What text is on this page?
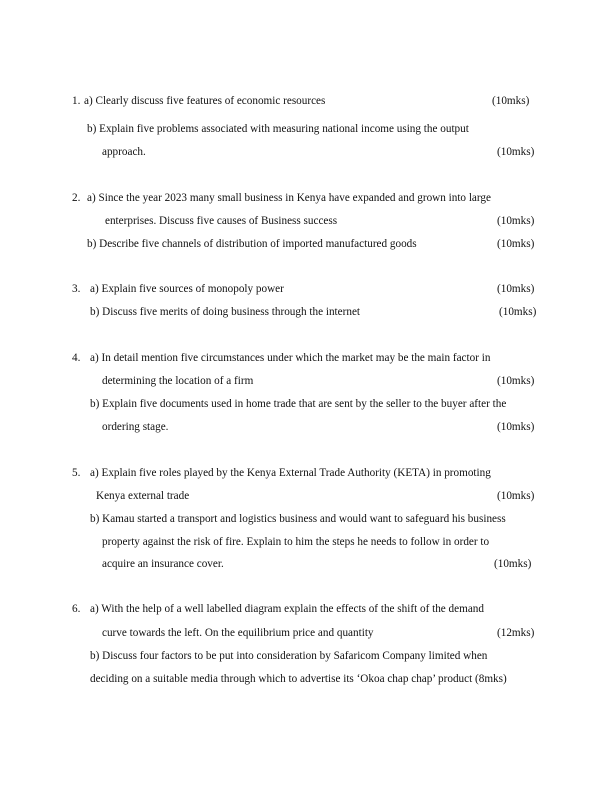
1. a) Clearly discuss five features of economic resources	(10mks)
b) Explain five problems associated with measuring national income using the output
approach.	(10mks)
2. a) Since the year 2023 many small business in Kenya have expanded and grown into large
enterprises. Discuss five causes of Business success	(10mks)
b) Describe five channels of distribution of imported manufactured goods	(10mks)
3. a) Explain five sources of monopoly power	(10mks)
b) Discuss five merits of doing business through the internet	(10mks)
4. a) In detail mention five circumstances under which the market may be the main factor in
determining the location of a firm	(10mks)
b) Explain five documents used in home trade that are sent by the seller to the buyer after the
ordering stage.	(10mks)
5. a) Explain five roles played by the Kenya External Trade Authority (KETA) in promoting
Kenya external trade	(10mks)
b) Kamau started a transport and logistics business and would want to safeguard his business
property against the risk of fire. Explain to him the steps he needs to follow in order to
acquire an insurance cover.	(10mks)
6. a) With the help of a well labelled diagram explain the effects of the shift of the demand
curve towards the left. On the equilibrium price and quantity	(12mks)
b) Discuss four factors to be put into consideration by Safaricom Company limited when
deciding on a suitable media through which to advertise its ‘Okoa chap chap’ product (8mks)
